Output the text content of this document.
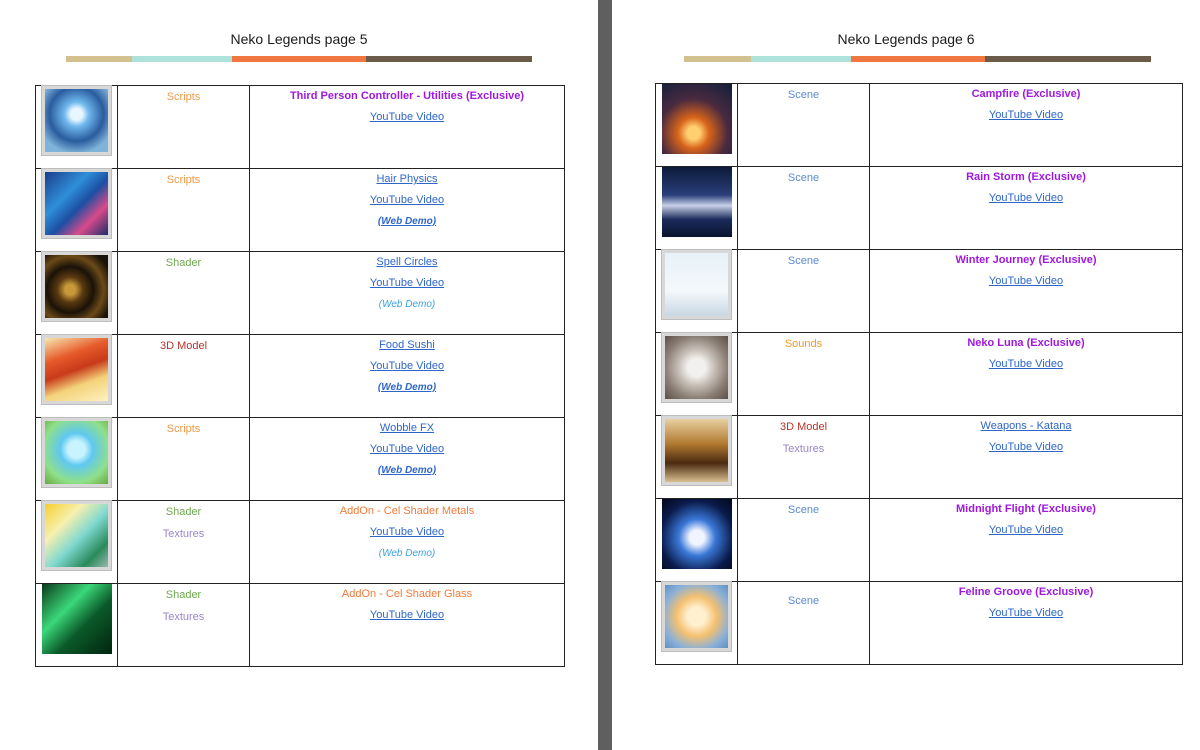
Neko Legends page 5

	Scripts	Third Person Controller - Utilities (Exclusive)
YouTube Video

	Scripts	Hair Physics
YouTube Video
(Web Demo)

	Shader	Spell Circles
YouTube Video
(Web Demo)

	3D Model	Food Sushi
YouTube Video
(Web Demo)

	Scripts	Wobble FX
YouTube Video
(Web Demo)

	Shader
Textures	AddOn - Cel Shader Metals
YouTube Video
(Web Demo)

	Shader
Textures	AddOn - Cel Shader Glass
YouTube Video
Neko Legends page 6

	Scene	Campfire (Exclusive)
YouTube Video

	Scene	Rain Storm (Exclusive)
YouTube Video

	Scene	Winter Journey (Exclusive)
YouTube Video

	Sounds	Neko Luna (Exclusive)
YouTube Video

	3D Model
Textures	Weapons - Katana
YouTube Video

	Scene	Midnight Flight (Exclusive)
YouTube Video

	Scene	Feline Groove (Exclusive)
YouTube Video
